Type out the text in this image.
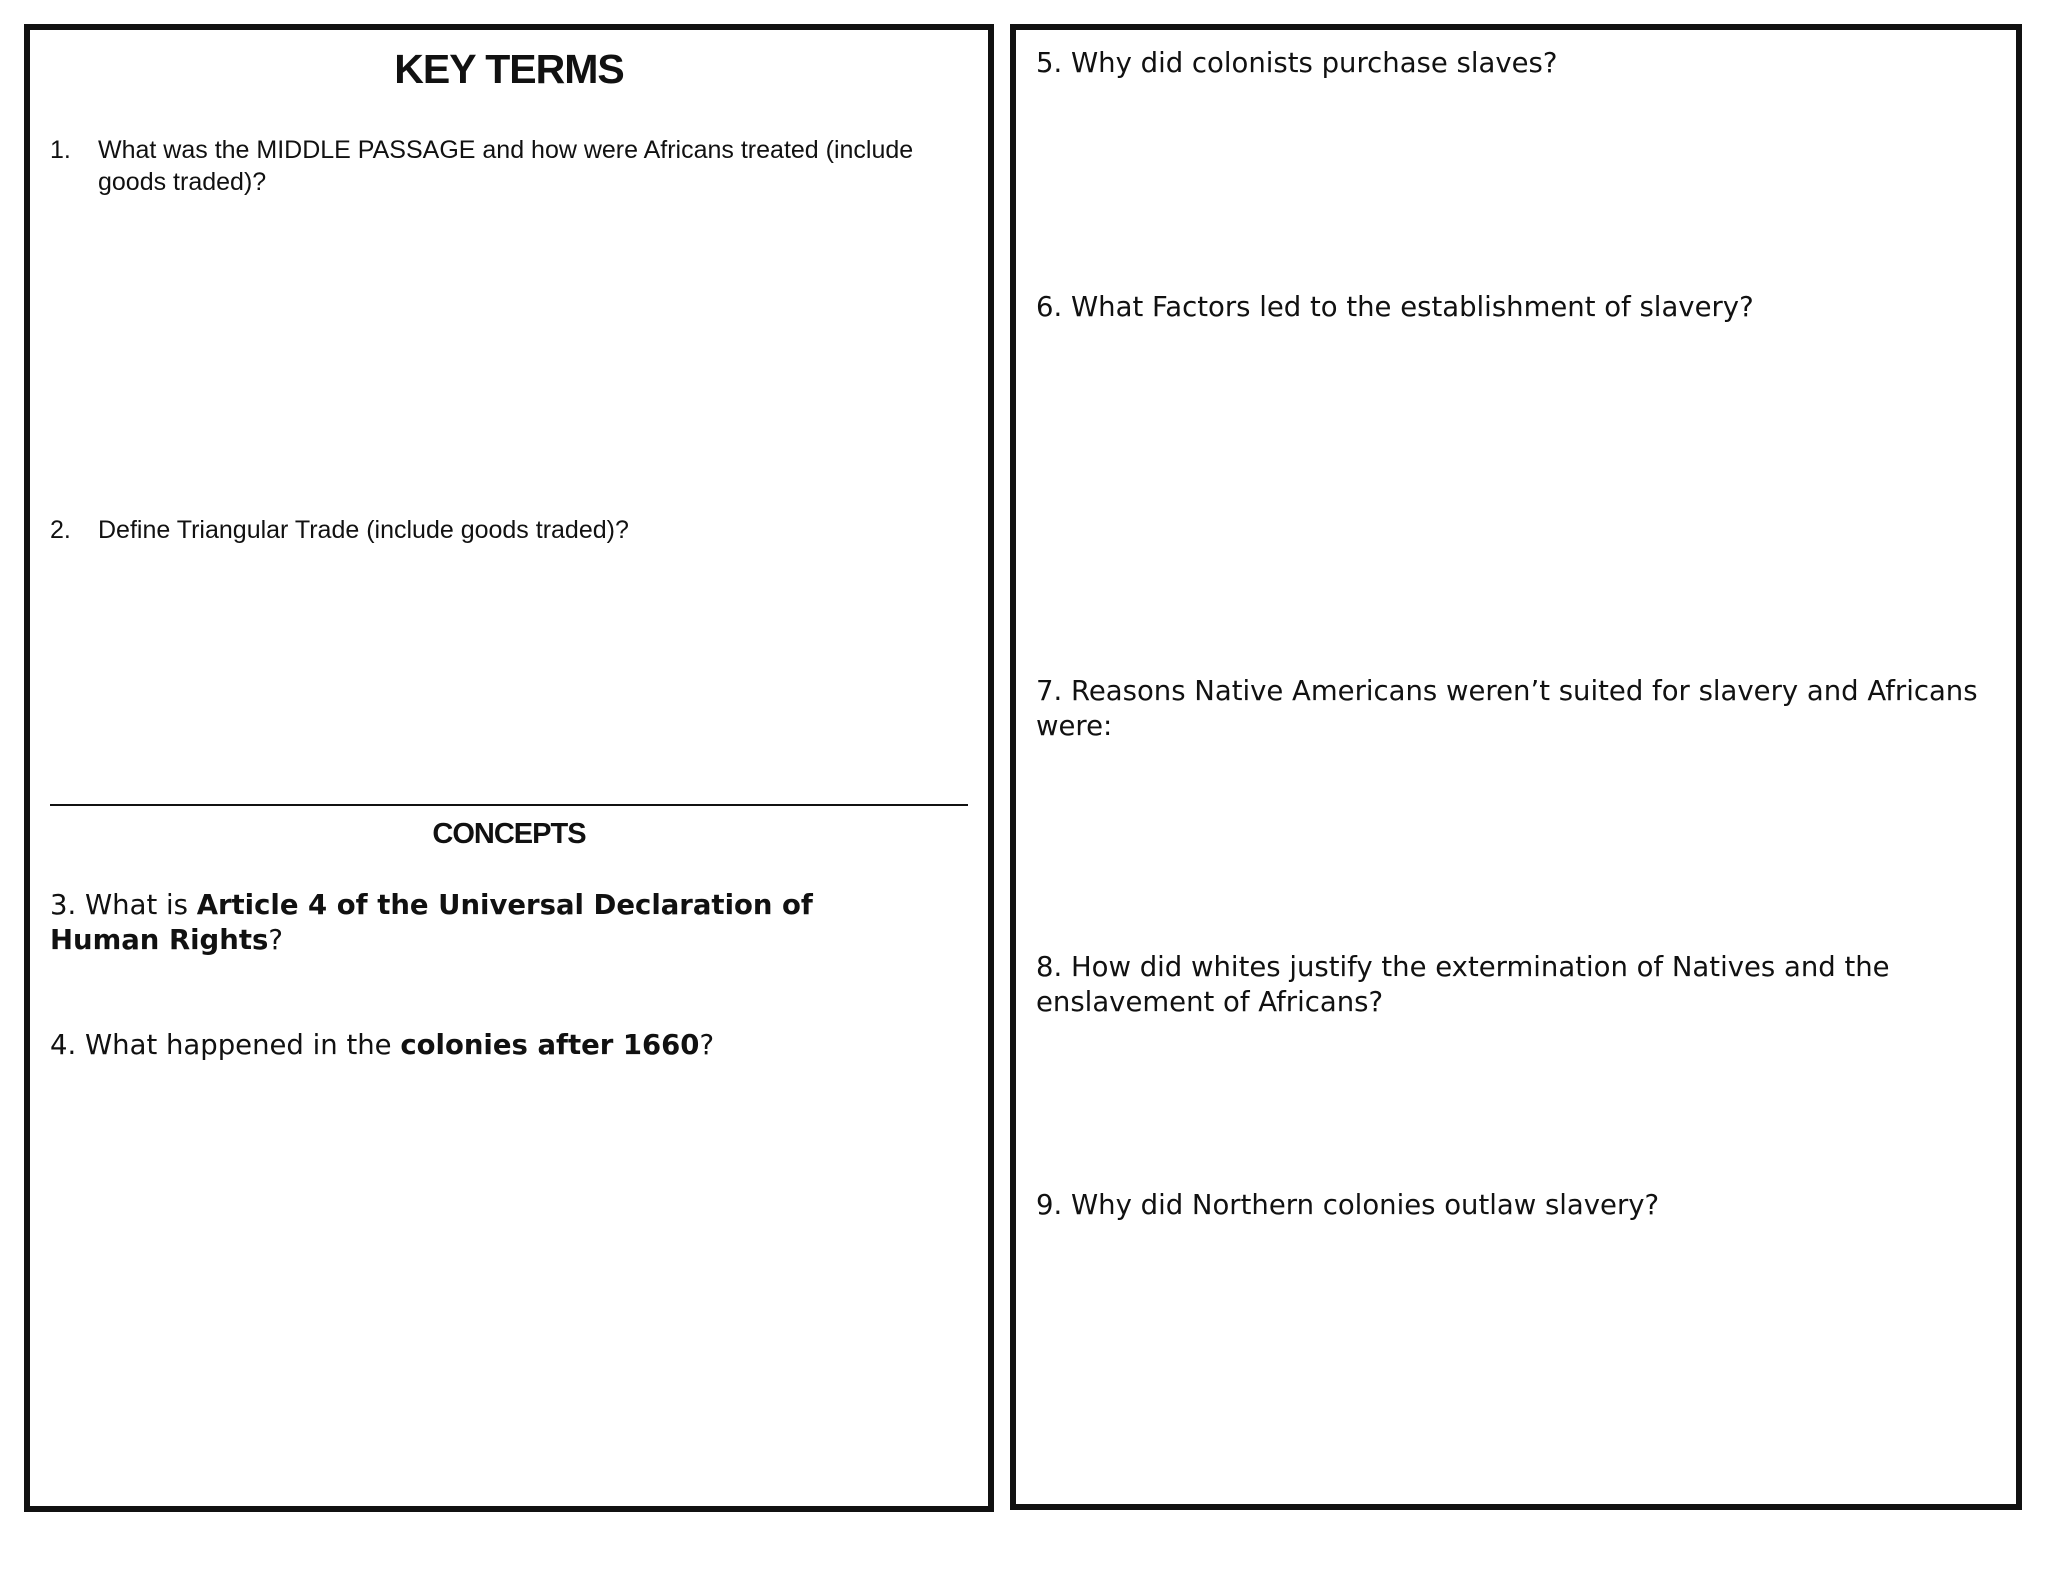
KEY TERMS
1.	What was the MIDDLE PASSAGE and how were Africans treated (include goods traded)?
2.	Define Triangular Trade (include goods traded)?
CONCEPTS
3. What is Article 4 of the Universal Declaration of Human Rights?
4. What happened in the colonies after 1660?
5. Why did colonists purchase slaves?
6. What Factors led to the establishment of slavery?
7. Reasons Native Americans weren’t suited for slavery and Africans were:
8. How did whites justify the extermination of Natives and the enslavement of Africans?
9. Why did Northern colonies outlaw slavery?
